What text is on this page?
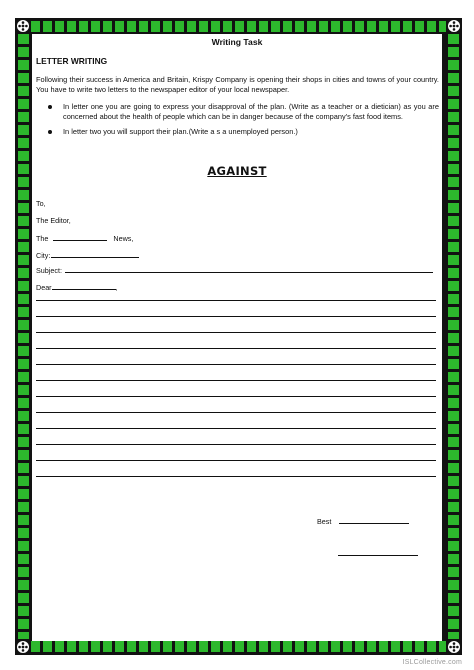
Writing Task
LETTER WRITING
Following their success in America and Britain, Krispy Company is opening their shops in cities and towns of your country. You have to write two letters to the newspaper editor of your local newspaper.
In letter one you are going to express your disapproval of the plan. (Write as a teacher or a dietician) as you are concerned about the health of people which can be in danger because of the company's fast food items.
In letter two you will support their plan.(Write a s a unemployed person.)
AGAINST
To,
The Editor,
The	News,
City:
Subject:
Dear	,
Best
ISLCollective.com
